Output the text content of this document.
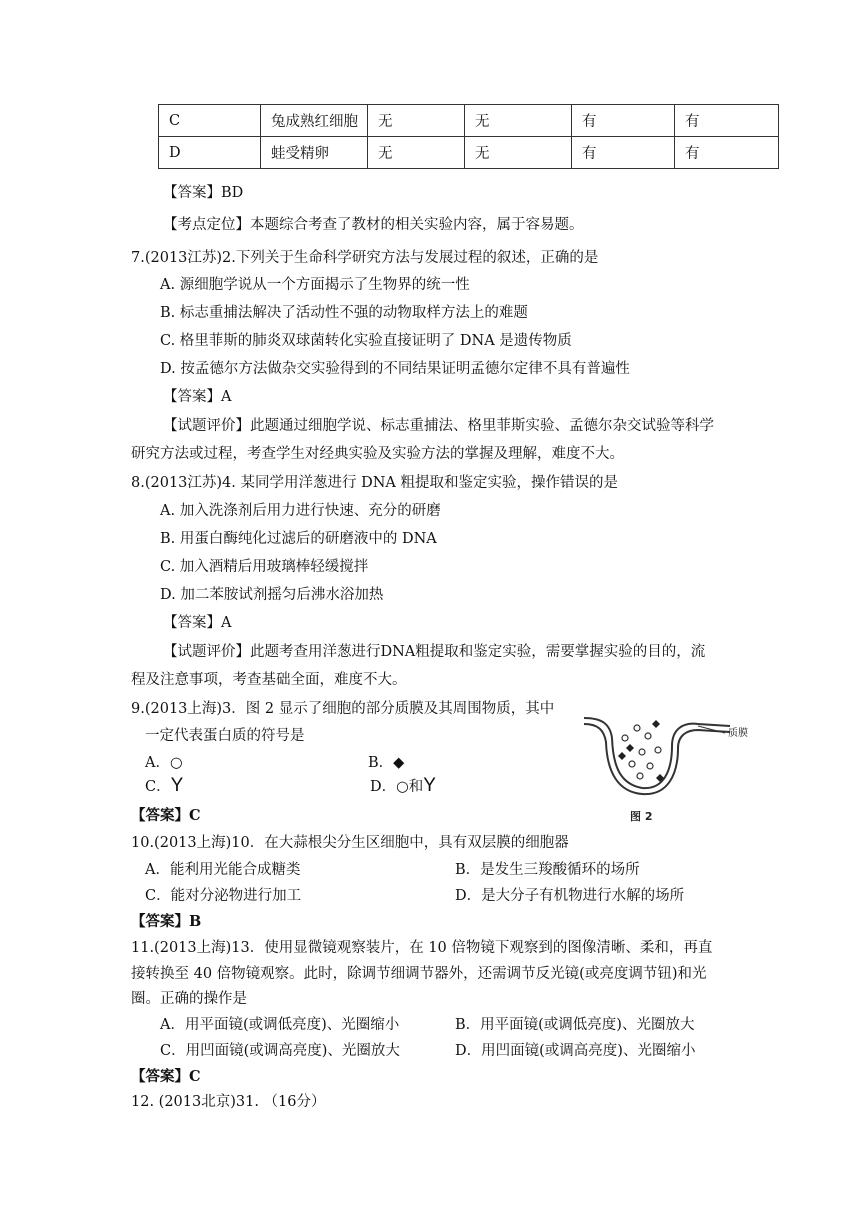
C	兔成熟红细胞	无	无	有	有
D	蛙受精卵	无	无	有	有
【答案】BD
【考点定位】本题综合考查了教材的相关实验内容，属于容易题。
7.(2013江苏)2.下列关于生命科学研究方法与发展过程的叙述，正确的是
A. 源细胞学说从一个方面揭示了生物界的统一性
B. 标志重捕法解决了活动性不强的动物取样方法上的难题
C. 格里菲斯的肺炎双球菌转化实验直接证明了 DNA 是遗传物质
D. 按孟德尔方法做杂交实验得到的不同结果证明孟德尔定律不具有普遍性
【答案】A
【试题评价】此题通过细胞学说、标志重捕法、格里菲斯实验、孟德尔杂交试验等科学
研究方法或过程，考查学生对经典实验及实验方法的掌握及理解，难度不大。
8.(2013江苏)4. 某同学用洋葱进行 DNA 粗提取和鉴定实验，操作错误的是
A. 加入洗涤剂后用力进行快速、充分的研磨
B. 用蛋白酶纯化过滤后的研磨液中的 DNA
C. 加入酒精后用玻璃棒轻缓搅拌
D. 加二苯胺试剂摇匀后沸水浴加热
【答案】A
【试题评价】此题考查用洋葱进行DNA粗提取和鉴定实验，需要掌握实验的目的，流
程及注意事项，考查基础全面，难度不大。
9.(2013上海)3．图 2 显示了细胞的部分质膜及其周围物质，其中
一定代表蛋白质的符号是
A．○	B．◆
C．Y	D．○和Y
【答案】C
质膜
图 2
10.(2013上海)10．在大蒜根尖分生区细胞中，具有双层膜的细胞器
A．能利用光能合成糖类	B．是发生三羧酸循环的场所
C．能对分泌物进行加工	D．是大分子有机物进行水解的场所
【答案】B
11.(2013上海)13．使用显微镜观察装片，在 10 倍物镜下观察到的图像清晰、柔和，再直
接转换至 40 倍物镜观察。此时，除调节细调节器外，还需调节反光镜(或亮度调节钮)和光
圈。正确的操作是
A．用平面镜(或调低亮度)、光圈缩小	B．用平面镜(或调低亮度)、光圈放大
C．用凹面镜(或调高亮度)、光圈放大	D．用凹面镜(或调高亮度)、光圈缩小
【答案】C
12. (2013北京)31. （16分）
